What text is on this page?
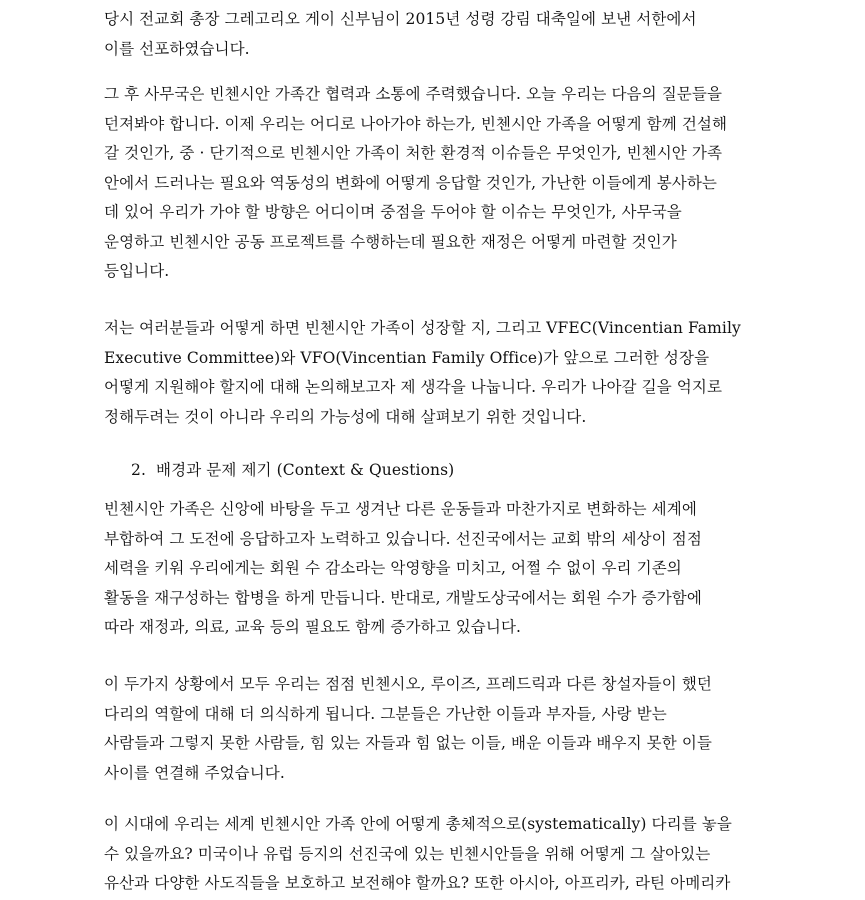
당시 전교회 총장 그레고리오 게이 신부님이 2015년 성령 강림 대축일에 보낸 서한에서
이를 선포하였습니다.
그 후 사무국은 빈첸시안 가족간 협력과 소통에 주력했습니다. 오늘 우리는 다음의 질문들을
던져봐야 합니다. 이제 우리는 어디로 나아가야 하는가, 빈첸시안 가족을 어떻게 함께 건설해
갈 것인가, 중 · 단기적으로 빈첸시안 가족이 처한 환경적 이슈들은 무엇인가, 빈첸시안 가족
안에서 드러나는 필요와 역동성의 변화에 어떻게 응답할 것인가, 가난한 이들에게 봉사하는
데 있어 우리가 가야 할 방향은 어디이며 중점을 두어야 할 이슈는 무엇인가, 사무국을
운영하고 빈첸시안 공동 프로젝트를 수행하는데 필요한 재정은 어떻게 마련할 것인가
등입니다.
저는 여러분들과 어떻게 하면 빈첸시안 가족이 성장할 지, 그리고 VFEC(Vincentian Family
Executive Committee)와 VFO(Vincentian Family Office)가 앞으로 그러한 성장을
어떻게 지원해야 할지에 대해 논의해보고자 제 생각을 나눕니다. 우리가 나아갈 길을 억지로
정해두려는 것이 아니라 우리의 가능성에 대해 살펴보기 위한 것입니다.
2.  배경과 문제 제기 (Context & Questions)
빈첸시안 가족은 신앙에 바탕을 두고 생겨난 다른 운동들과 마찬가지로 변화하는 세계에
부합하여 그 도전에 응답하고자 노력하고 있습니다. 선진국에서는 교회 밖의 세상이 점점
세력을 키워 우리에게는 회원 수 감소라는 악영향을 미치고, 어쩔 수 없이 우리 기존의
활동을 재구성하는 합병을 하게 만듭니다. 반대로, 개발도상국에서는 회원 수가 증가함에
따라 재정과, 의료, 교육 등의 필요도 함께 증가하고 있습니다.
이 두가지 상황에서 모두 우리는 점점 빈첸시오, 루이즈, 프레드릭과 다른 창설자들이 했던
다리의 역할에 대해 더 의식하게 됩니다. 그분들은 가난한 이들과 부자들, 사랑 받는
사람들과 그렇지 못한 사람들, 힘 있는 자들과 힘 없는 이들, 배운 이들과 배우지 못한 이들
사이를 연결해 주었습니다.
이 시대에 우리는 세계 빈첸시안 가족 안에 어떻게 총체적으로(systematically) 다리를 놓을
수 있을까요? 미국이나 유럽 등지의 선진국에 있는 빈첸시안들을 위해 어떻게 그 살아있는
유산과 다양한 사도직들을 보호하고 보전해야 할까요? 또한 아시아, 아프리카, 라틴 아메리카
